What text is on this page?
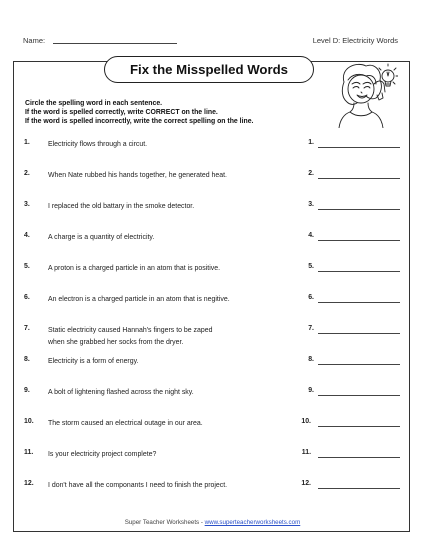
Name:	Level D: Electricity Words
Fix the Misspelled Words
Circle the spelling word in each sentence.
If the word is spelled correctly, write CORRECT on the line.
If the word is spelled incorrectly, write the correct spelling on the line.
1.	Electricity flows through a circut.	1.
2.	When Nate rubbed his hands together, he generated heat.	2.
3.	I replaced the old battary in the smoke detector.	3.
4.	A charge is a quantity of electricity.	4.
5.	A proton is a charged particle in an atom that is positive.	5.
6.	An electron is a charged particle in an atom that is negitive.	6.
7.	Static electricity caused Hannah's fingers to be zaped
when she grabbed her socks from the dryer.
7.
8.	Electricity is a form of energy.	8.
9.	A bolt of lightening flashed across the night sky.	9.
10. The storm caused an electrical outage in our area.	10.
11. Is your electricity project complete?	11.
12. I don't have all the componants I need to finish the project.	12.
Super Teacher Worksheets - www.superteacherworksheets.com
